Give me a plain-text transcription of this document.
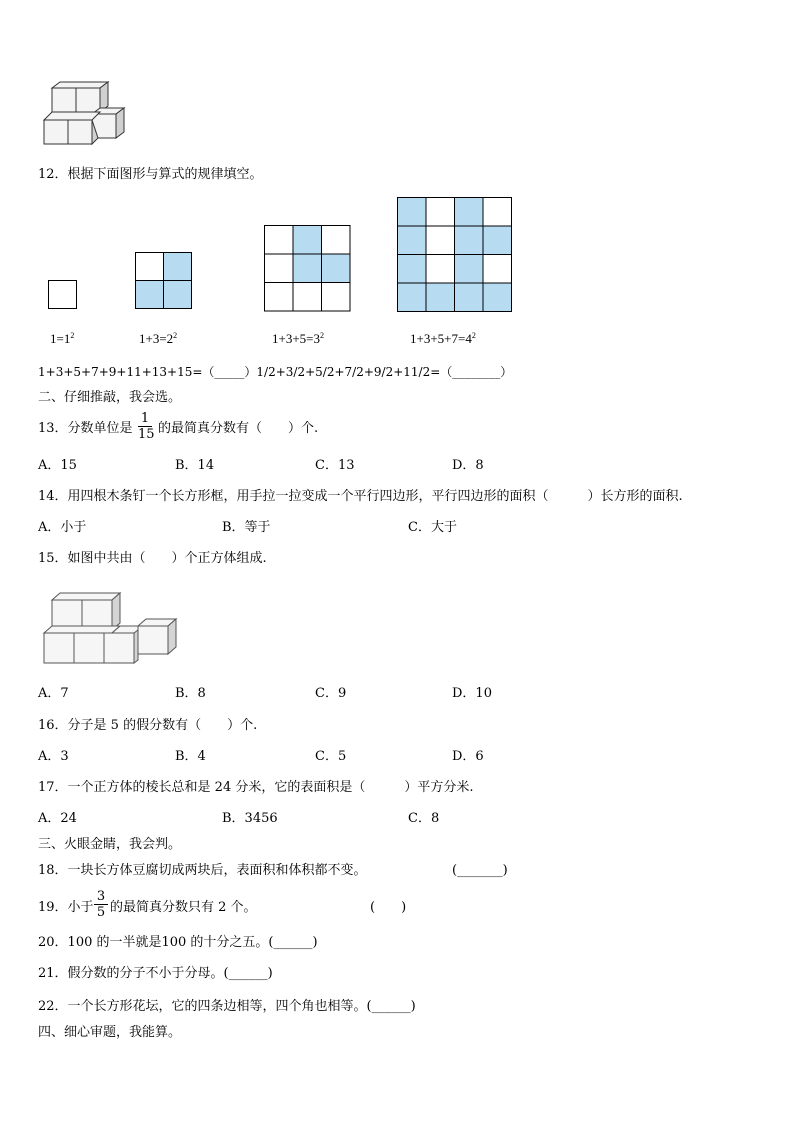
12．根据下面图形与算式的规律填空。
$1=1^2$	$1+3=2^2$	$1+3+5=3^2$	$1+3+5+7=4^2$
1+3+5+7+9+11+13+15=（_____）1/2+3/2+5/2+7/2+9/2+11/2=（________）
二、仔细推敲，我会选。
13．分数单位是 $\frac{1}{15}$ 的最简真分数有（　　）个.
A．15	B．14	C．13	D．8
14．用四根木条钉一个长方形框，用手拉一拉变成一个平行四边形，平行四边形的面积（　　　）长方形的面积.
A．小于	B．等于	C．大于
15．如图中共由（　　）个正方体组成.
A．7	B．8	C．9	D．10
16．分子是 5 的假分数有（　　）个.
A．3	B．4	C．5	D．6
17．一个正方体的棱长总和是 24 分米，它的表面积是（　　　）平方分米.
A．24	B．3456	C．8
三、火眼金睛，我会判。
18．一块长方体豆腐切成两块后，表面积和体积都不变。	(_______)
19．小于 $\frac{3}{5}$ 的最简真分数只有 2 个。	(　　)
20．100 的一半就是100 的十分之五。(______)
21．假分数的分子不小于分母。(______)
22．一个长方形花坛，它的四条边相等，四个角也相等。(______)
四、细心审题，我能算。
